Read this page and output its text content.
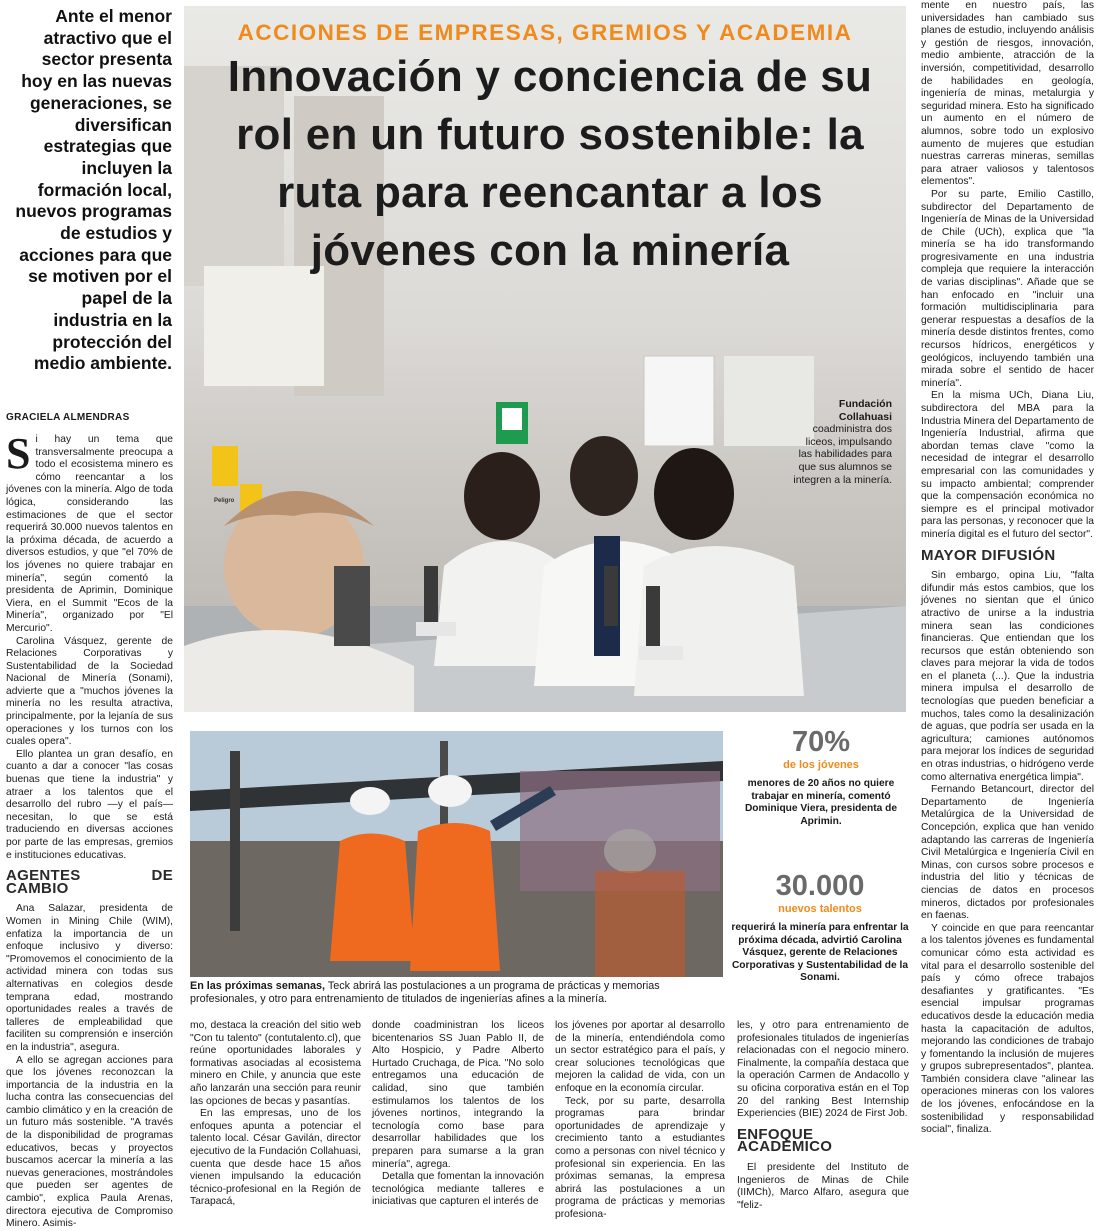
Ante el menor atractivo que el sector presenta hoy en las nuevas generaciones, se diversifican estrategias que incluyen la formación local, nuevos programas de estudios y acciones para que se motiven por el papel de la industria en la protección del medio ambiente.
GRACIELA ALMENDRAS

Si hay un tema que transversalmente preocupa a todo el ecosistema minero es cómo reencantar a los jóvenes con la minería. Algo de toda lógica, considerando las estimaciones de que el sector requerirá 30.000 nuevos talentos en la próxima década, de acuerdo a diversos estudios, y que "el 70% de los jóvenes no quiere trabajar en minería", según comentó la presidenta de Aprimin, Dominique Viera, en el Summit "Ecos de la Minería", organizado por "El Mercurio".

Carolina Vásquez, gerente de Relaciones Corporativas y Sustentabilidad de la Sociedad Nacional de Minería (Sonami), advierte que a "muchos jóvenes la minería no les resulta atractiva, principalmente, por la lejanía de sus operaciones y los turnos con los cuales opera".

Ello plantea un gran desafío, en cuanto a dar a conocer "las cosas buenas que tiene la industria" y atraer a los talentos que el desarrollo del rubro —y el país— necesitan, lo que se está traduciendo en diversas acciones por parte de las empresas, gremios e instituciones educativas.

AGENTES DE CAMBIO

Ana Salazar, presidenta de Women in Mining Chile (WIM), enfatiza la importancia de un enfoque inclusivo y diverso: "Promovemos el conocimiento de la actividad minera con todas sus alternativas en colegios desde temprana edad, mostrando oportunidades reales a través de talleres de empleabilidad que faciliten su comprensión e inserción en la industria", asegura.

A ello se agregan acciones para que los jóvenes reconozcan la importancia de la industria en la lucha contra las consecuencias del cambio climático y en la creación de un futuro más sostenible. "A través de la disponibilidad de programas educativos, becas y proyectos buscamos acercar la minería a las nuevas generaciones, mostrándoles que pueden ser agentes de cambio", explica Paula Arenas, directora ejecutiva de Compromiso Minero. Asimis-

ACCIONES DE EMPRESAS, GREMIOS Y ACADEMIA
Innovación y conciencia de su rol en un futuro sostenible: la ruta para reencantar a los jóvenes con la minería
Fundación Collahuasi
coadministra dos liceos, impulsando las habilidades para que sus alumnos se integren a la minería.
Peligro
En las próximas semanas, Teck abrirá las postulaciones a un programa de prácticas y memorias profesionales, y otro para entrenamiento de titulados de ingenierías afines a la minería.
70%
de los jóvenes
menores de 20 años no quiere trabajar en minería, comentó Dominique Viera, presidenta de Aprimin.
30.000
nuevos talentos
requerirá la minería para enfrentar la próxima década, advirtió Carolina Vásquez, gerente de Relaciones Corporativas y Sustentabilidad de la Sonami.

mo, destaca la creación del sitio web "Con tu talento" (contutalento.cl), que reúne oportunidades laborales y formativas asociadas al ecosistema minero en Chile, y anuncia que este año lanzarán una sección para reunir las opciones de becas y pasantías.

En las empresas, uno de los enfoques apunta a potenciar el talento local. César Gavilán, director ejecutivo de la Fundación Collahuasi, cuenta que desde hace 15 años vienen impulsando la educación técnico-profesional en la Región de Tarapacá,

donde coadministran los liceos bicentenarios SS Juan Pablo II, de Alto Hospicio, y Padre Alberto Hurtado Cruchaga, de Pica. "No solo entregamos una educación de calidad, sino que también estimulamos los talentos de los jóvenes nortinos, integrando la tecnología como base para desarrollar habilidades que los preparen para sumarse a la gran minería", agrega.

Detalla que fomentan la innovación tecnológica mediante talleres e iniciativas que capturen el interés de

los jóvenes por aportar al desarrollo de la minería, entendiéndola como un sector estratégico para el país, y crear soluciones tecnológicas que mejoren la calidad de vida, con un enfoque en la economía circular.

Teck, por su parte, desarrolla programas para brindar oportunidades de aprendizaje y crecimiento tanto a estudiantes como a personas con nivel técnico y profesional sin experiencia. En las próximas semanas, la empresa abrirá las postulaciones a un programa de prácticas y memorias profesiona-

les, y otro para entrenamiento de profesionales titulados de ingenierías relacionadas con el negocio minero. Finalmente, la compañía destaca que la operación Carmen de Andacollo y su oficina corporativa están en el Top 20 del ranking Best Internship Experiencies (BIE) 2024 de First Job.

ENFOQUE ACADÉMICO

El presidente del Instituto de Ingenieros de Minas de Chile (IIMCh), Marco Alfaro, asegura que "feliz-

mente en nuestro país, las universidades han cambiado sus planes de estudio, incluyendo análisis y gestión de riesgos, innovación, medio ambiente, atracción de la inversión, competitividad, desarrollo de habilidades en geología, ingeniería de minas, metalurgia y seguridad minera. Esto ha significado un aumento en el número de alumnos, sobre todo un explosivo aumento de mujeres que estudian nuestras carreras mineras, semillas para atraer valiosos y talentosos elementos".

Por su parte, Emilio Castillo, subdirector del Departamento de Ingeniería de Minas de la Universidad de Chile (UCh), explica que "la minería se ha ido transformando progresivamente en una industria compleja que requiere la interacción de varias disciplinas". Añade que se han enfocado en "incluir una formación multidisciplinaria para generar respuestas a desafíos de la minería desde distintos frentes, como recursos hídricos, energéticos y geológicos, incluyendo también una mirada sobre el sentido de hacer minería".

En la misma UCh, Diana Liu, subdirectora del MBA para la Industria Minera del Departamento de Ingeniería Industrial, afirma que abordan temas clave "como la necesidad de integrar el desarrollo empresarial con las comunidades y su impacto ambiental; comprender que la compensación económica no siempre es el principal motivador para las personas, y reconocer que la minería digital es el futuro del sector".

MAYOR DIFUSIÓN

Sin embargo, opina Liu, "falta difundir más estos cambios, que los jóvenes no sientan que el único atractivo de unirse a la industria minera sean las condiciones financieras. Que entiendan que los recursos que están obteniendo son claves para mejorar la vida de todos en el planeta (...). Que la industria minera impulsa el desarrollo de tecnologías que pueden beneficiar a muchos, tales como la desalinización de aguas, que podría ser usada en la agricultura; camiones autónomos para mejorar los índices de seguridad en otras industrias, o hidrógeno verde como alternativa energética limpia".

Fernando Betancourt, director del Departamento de Ingeniería Metalúrgica de la Universidad de Concepción, explica que han venido adaptando las carreras de Ingeniería Civil Metalúrgica e Ingeniería Civil en Minas, con cursos sobre procesos e industria del litio y técnicas de ciencias de datos en procesos mineros, dictados por profesionales en faenas.

Y coincide en que para reencantar a los talentos jóvenes es fundamental comunicar cómo esta actividad es vital para el desarrollo sostenible del país y cómo ofrece trabajos desafiantes y gratificantes. "Es esencial impulsar programas educativos desde la educación media hasta la capacitación de adultos, mejorando las condiciones de trabajo y fomentando la inclusión de mujeres y grupos subrepresentados", plantea. También considera clave "alinear las operaciones mineras con los valores de los jóvenes, enfocándose en la sostenibilidad y responsabilidad social", finaliza.
